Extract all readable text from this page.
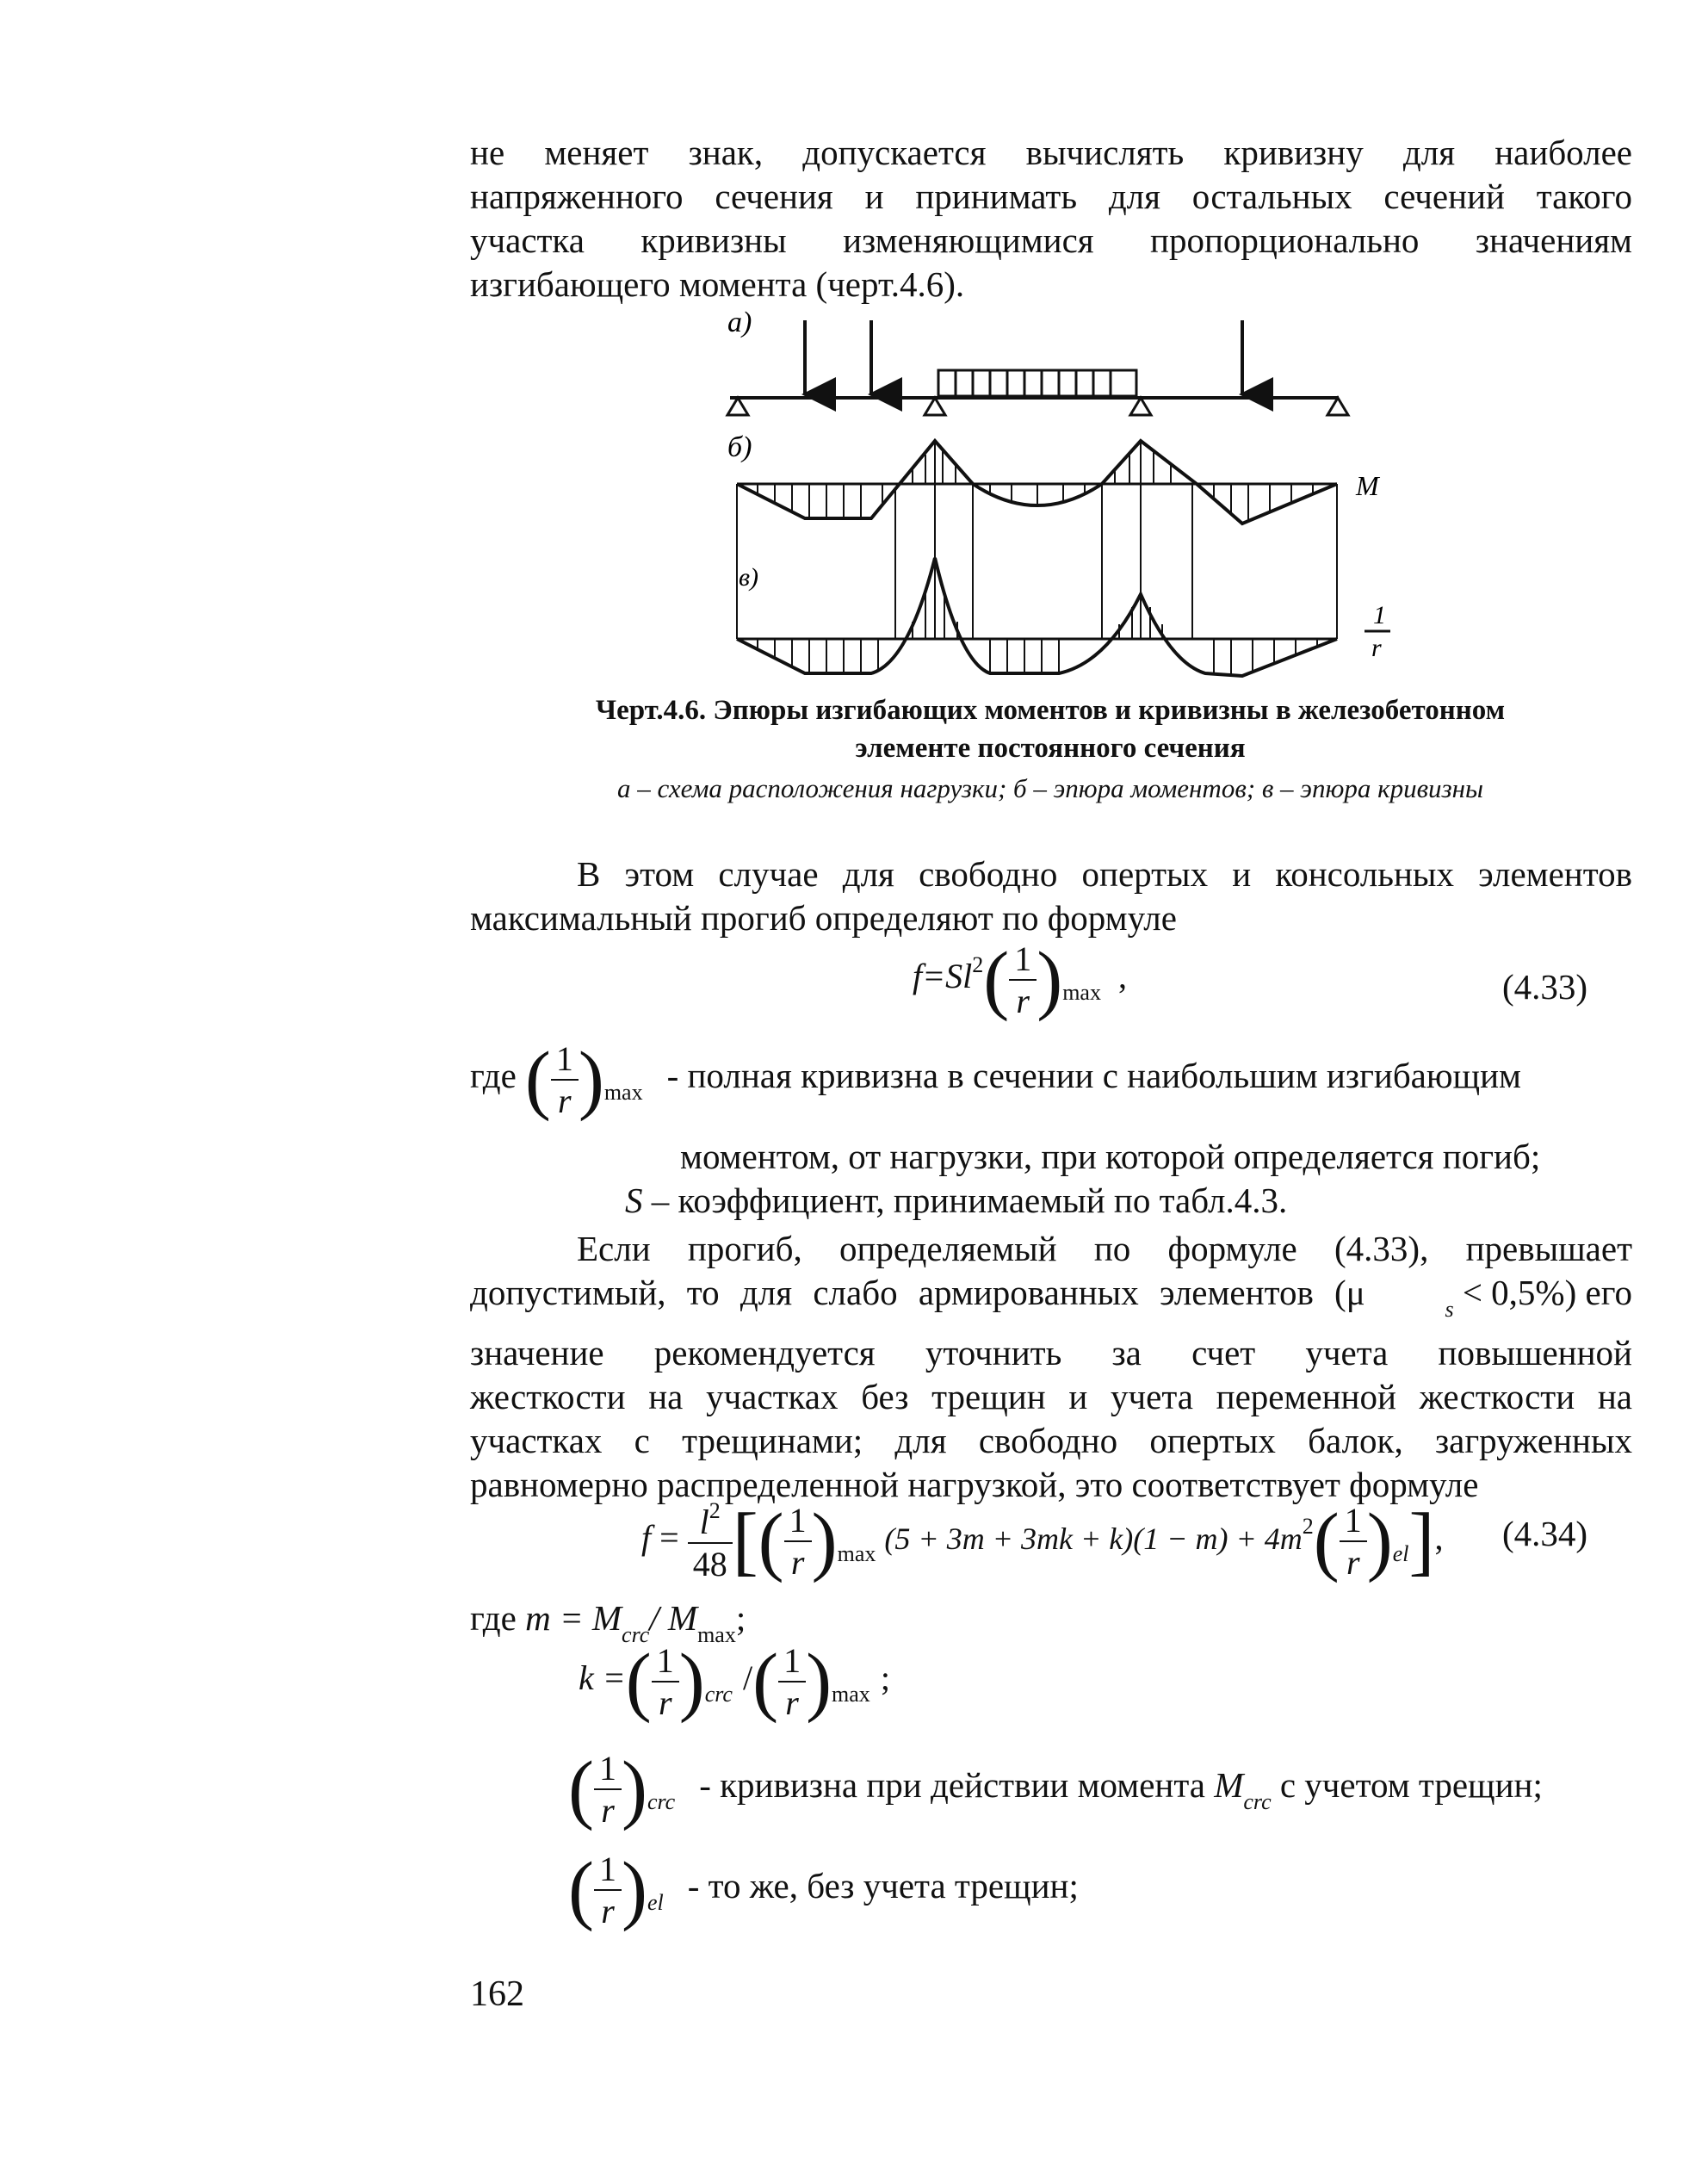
не меняет знак, допускается вычислять кривизну для наиболее
напряженного сечения и принимать для остальных сечений такого
участка кривизны изменяющимися пропорционально значениям
изгибающего момента (черт.4.6).
а)
б)
M
в)
1
r
Черт.4.6. Эпюры изгибающих моментов и кривизны в железобетонном
элементе постоянного сечения
а – схема расположения нагрузки; б – эпюра моментов; в – эпюра кривизны
В этом случае для свободно опертых и консольных элементов
максимальный прогиб определяют по формуле
$f=Sl^2( \frac{1}{r} )_{max}$ ,	(4.33)
где ( $\frac{1}{r} )_{max}$ - полная кривизна в сечении с наибольшим изгибающим
моментом, от нагрузки, при которой определяется погиб;
S – коэффициент, принимаемый по табл.4.3.
Если прогиб, определяемый по формуле (4.33), превышает
допустимый, то для слабо армированных элементов (μ	$_s$ < 0,5%) его
значение рекомендуется уточнить за счет учета повышенной
жесткости на участках без трещин и учета переменной жесткости на
участках с трещинами; для свободно опертых балок, загруженных
равномерно распределенной нагрузкой, это соответствует формуле
$f = \frac{l^2}{48}$ [( $\frac{1}{r} )_{max}$ $(5 + 3m + 3mk + k)(1 - m) + 4m^2( \frac{1}{r} )_{el}$], (4.34)
где $m = M_{crc}/$ $M_{max}$;
k =( $\frac{1}{r} )_{crc}$ /( $\frac{1}{r} )_{max}$ ;
( $\frac{1}{r} )_{crc}$ - кривизна при действии момента $M_{crc}$ с учетом трещин;
( $\frac{1}{r} )_{el}$ - то же, без учета трещин;
162
